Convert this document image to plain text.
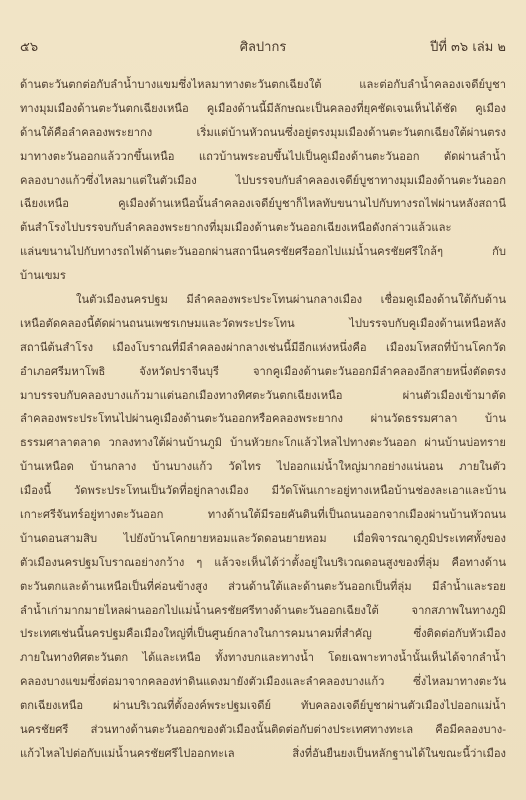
๕๖	ศิลปากร	ปีที่ ๓๖ เล่ม ๒
ด้านตะวันตกต่อกับลำน้ำบางแขมซึ่งไหลมาทางตะวันตกเฉียงใต้ และต่อกับลำน้ำคลองเจดีย์บูชา
ทางมุมเมืองด้านตะวันตกเฉียงเหนือ คูเมืองด้านนี้มีลักษณะเป็นคลองที่ยุคชัดเจนเห็นได้ชัด คูเมือง
ด้านใต้คือลำคลองพระยากง เริ่มแต่บ้านหัวถนนซึ่งอยู่ตรงมุมเมืองด้านตะวันตกเฉียงใต้ผ่านตรง
มาทางตะวันออกแล้ววกขึ้นเหนือ แถวบ้านพระอบขึ้นไปเป็นคูเมืองด้านตะวันออก ตัดผ่านลำน้ำ
คลองบางแก้วซึ่งไหลมาแต่ในตัวเมือง ไปบรรจบกับลำคลองเจดีย์บูชาทางมุมเมืองด้านตะวันออก
เฉียงเหนือ คูเมืองด้านเหนือนั้นลำคลองเจดีย์บูชาก็ไหลทับขนานไปกับทางรถไฟผ่านหลังสถานี
ต้นสำโรงไปบรรจบกับลำคลองพระยากงที่มุมเมืองด้านตะวันออกเฉียงเหนือดังกล่าวแล้วและ
แล่นขนานไปกับทางรถไฟด้านตะวันออกผ่านสถานีนครชัยศรีออกไปแม่น้ำนครชัยศรีใกล้ๆ กับ
บ้านเขมร
ในตัวเมืองนครปฐม มีลำคลองพระประโทนผ่านกลางเมือง เชื่อมคูเมืองด้านใต้กับด้าน
เหนือตัดคลองนี้ตัดผ่านถนนเพชรเกษมและวัดพระประโทน ไปบรรจบกับคูเมืองด้านเหนือหลัง
สถานีต้นสำโรง เมืองโบราณที่มีลำคลองผ่ากลางเช่นนี้มีอีกแห่งหนึ่งคือ เมืองมโหสถที่บ้านโคกวัด
อำเภอศรีมหาโพธิ จังหวัดปราจีนบุรี จากคูเมืองด้านตะวันออกมีลำคลองอีกสายหนึ่งตัดตรง
มาบรรจบกับคลองบางแก้วมาแต่นอกเมืองทางทิศตะวันตกเฉียงเหนือ ผ่านตัวเมืองเข้ามาตัด
ลำคลองพระประโทนไปผ่านคูเมืองด้านตะวันออกหรือคลองพระยากง ผ่านวัดธรรมศาลา บ้าน
ธรรมศาลาตลาด วกลงทางใต้ผ่านบ้านภูมิ บ้านหัวยกะโกแล้วไหลไปทางตะวันออก ผ่านบ้านบ่อทราย
บ้านเหนือด บ้านกลาง บ้านบางแก้ว วัดไทร ไปออกแม่น้ำใหญ่มากอย่างแน่นอน ภายในตัว
เมืองนี้ วัดพระประโทนเป็นวัดที่อยู่กลางเมือง มีวัดโพ้นเกาะอยู่ทางเหนือบ้านช่องละเอาและบ้าน
เกาะศรีจันทร์อยู่ทางตะวันออก ทางด้านใต้มีรอยคันดินที่เป็นถนนออกจากเมืองผ่านบ้านหัวถนน
บ้านดอนสามสิบ ไปยังบ้านโคกยายหอมและวัดดอนยายหอม เมื่อพิจารณาดูภูมิประเทศทั้งของ
ตัวเมืองนครปฐมโบราณอย่างกว้าง ๆ แล้วจะเห็นได้ว่าตั้งอยู่ในบริเวณดอนสูงของที่ลุ่ม คือทางด้าน
ตะวันตกและด้านเหนือเป็นที่ค่อนข้างสูง ส่วนด้านใต้และด้านตะวันออกเป็นที่ลุ่ม มีลำน้ำและรอย
ลำน้ำเก่ามากมายไหลผ่านออกไปแม่น้ำนครชัยศรีทางด้านตะวันออกเฉียงใต้ จากสภาพในทางภูมิ
ประเทศเช่นนี้นครปฐมคือเมืองใหญ่ที่เป็นศูนย์กลางในการคมนาคมที่สำคัญ ซึ่งติดต่อกับหัวเมือง
ภายในทางทิศตะวันตก ได้และเหนือ ทั้งทางบกและทางน้ำ โดยเฉพาะทางน้ำนั้นเห็นได้จากลำน้ำ
คลองบางแขมซึ่งต่อมาจากคลองท่าดินแดงมายังตัวเมืองและลำคลองบางแก้ว ซึ่งไหลมาทางตะวัน
ตกเฉียงเหนือ ผ่านบริเวณที่ตั้งองค์พระปฐมเจดีย์ ทับคลองเจดีย์บูชาผ่านตัวเมืองไปออกแม่น้ำ
นครชัยศรี ส่วนทางด้านตะวันออกของตัวเมืองนั้นติดต่อกับต่างประเทศทางทะเล คือมีคลองบาง-
แก้วไหลไปต่อกับแม่น้ำนครชัยศรีไปออกทะเล สิ่งที่อันยืนยงเป็นหลักฐานได้ในขณะนี้ว่าเมือง
